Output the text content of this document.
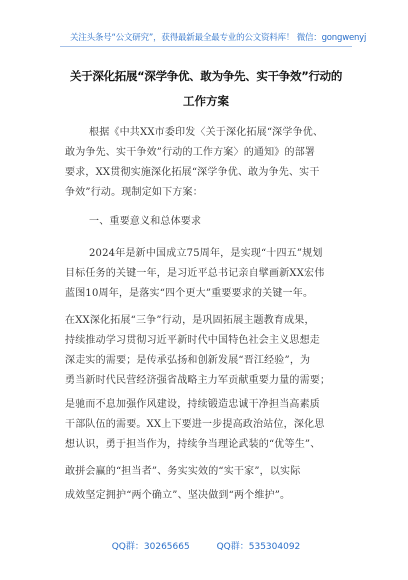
关注头条号“公文研究”，获得最新最全最专业的公文资料库！ 微信：gongwenyj
关于深化拓展“深学争优、敢为争先、实干争效”行动的
工作方案
根据《中共XX市委印发〈关于深化拓展“深学争优、
敢为争先、实干争效”行动的工作方案〉的通知》的部署
要求，XX贯彻实施深化拓展“深学争优、敢为争先、实干
争效”行动。现制定如下方案：
一、重要意义和总体要求
2024年是新中国成立75周年，是实现“十四五”规划
目标任务的关键一年，是习近平总书记亲自擘画新XX宏伟
蓝图10周年，是落实“四个更大”重要要求的关键一年。
在XX深化拓展“三争”行动，是巩固拓展主题教育成果，
持续推动学习贯彻习近平新时代中国特色社会主义思想走
深走实的需要；是传承弘扬和创新发展“晋江经验”，为
勇当新时代民营经济强省战略主力军贡献重要力量的需要；
是驰而不息加强作风建设，持续锻造忠诚干净担当高素质
干部队伍的需要。XX上下要进一步提高政治站位，深化思
想认识，勇于担当作为，持续争当理论武装的“优等生”、
敢拼会赢的“担当者”、务实实效的“实干家”，以实际
成效坚定拥护“两个确立”、坚决做到“两个维护”。
QQ群：30265665	QQ群：535304092
